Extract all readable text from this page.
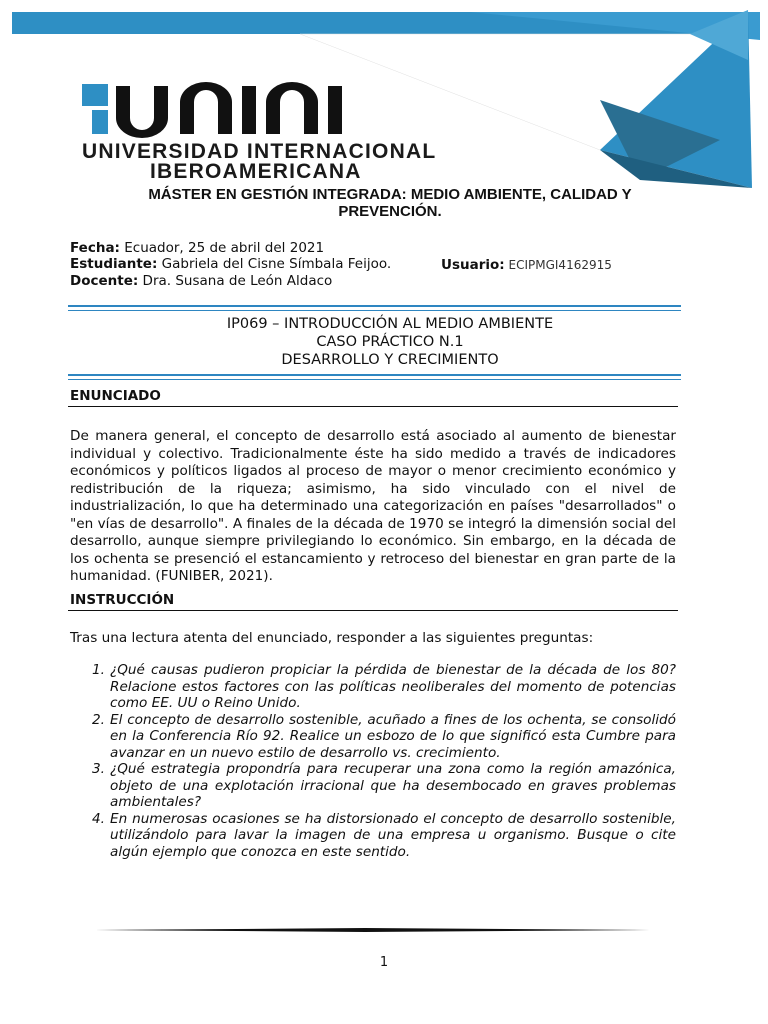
UNIVERSIDAD INTERNACIONAL
IBEROAMERICANA
MÁSTER EN GESTIÓN INTEGRADA: MEDIO AMBIENTE, CALIDAD Y PREVENCIÓN.
Fecha: Ecuador, 25 de abril del 2021
Estudiante: Gabriela del Cisne Símbala Feijoo.	Usuario: ECIPMGI4162915
Docente: Dra. Susana de León Aldaco
IP069 – INTRODUCCIÓN AL MEDIO AMBIENTE
CASO PRÁCTICO N.1
DESARROLLO Y CRECIMIENTO
ENUNCIADO
De manera general, el concepto de desarrollo está asociado al aumento de bienestar individual y colectivo. Tradicionalmente éste ha sido medido a través de indicadores económicos y políticos ligados al proceso de mayor o menor crecimiento económico y redistribución de la riqueza; asimismo, ha sido vinculado con el nivel de industrialización, lo que ha determinado una categorización en países "desarrollados" o "en vías de desarrollo". A finales de la década de 1970 se integró la dimensión social del desarrollo, aunque siempre privilegiando lo económico. Sin embargo, en la década de los ochenta se presenció el estancamiento y retroceso del bienestar en gran parte de la humanidad. (FUNIBER, 2021).
INSTRUCCIÓN
Tras una lectura atenta del enunciado, responder a las siguientes preguntas:
1. ¿Qué causas pudieron propiciar la pérdida de bienestar de la década de los 80? Relacione estos factores con las políticas neoliberales del momento de potencias como EE. UU o Reino Unido.
2. El concepto de desarrollo sostenible, acuñado a fines de los ochenta, se consolidó en la Conferencia Río 92. Realice un esbozo de lo que significó esta Cumbre para avanzar en un nuevo estilo de desarrollo vs. crecimiento.
3. ¿Qué estrategia propondría para recuperar una zona como la región amazónica, objeto de una explotación irracional que ha desembocado en graves problemas ambientales?
4. En numerosas ocasiones se ha distorsionado el concepto de desarrollo sostenible, utilizándolo para lavar la imagen de una empresa u organismo. Busque o cite algún ejemplo que conozca en este sentido.
1
